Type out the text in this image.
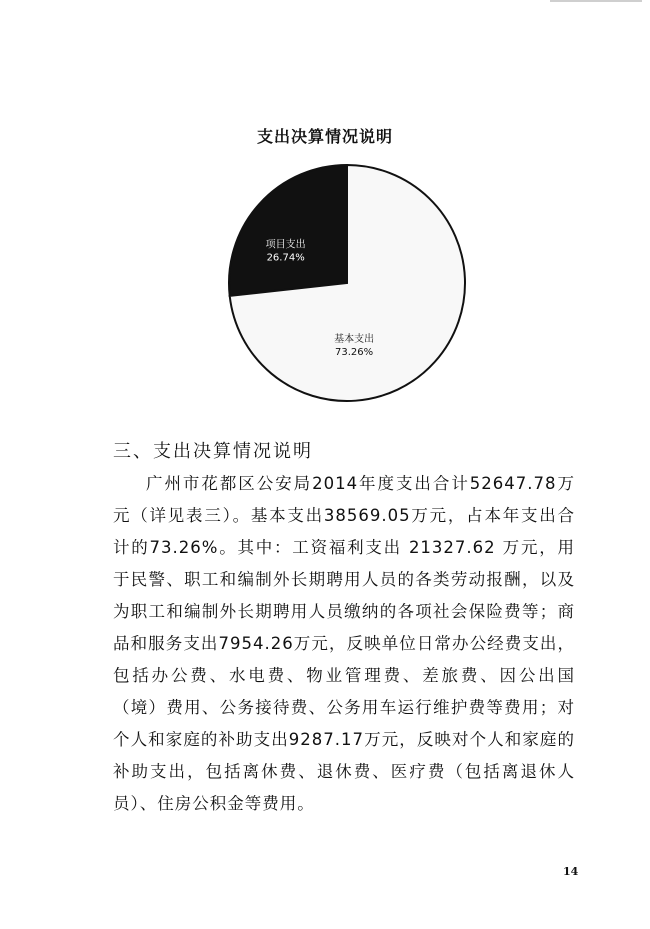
支出决算情况说明
项目支出
26.74%
基本支出
73.26%
三、支出决算情况说明
广州市花都区公安局2014年度支出合计52647.78万元（详见表三）。基本支出38569.05万元，占本年支出合计的73.26%。其中：工资福利支出 21327.62 万元，用于民警、职工和编制外长期聘用人员的各类劳动报酬，以及为职工和编制外长期聘用人员缴纳的各项社会保险费等；商品和服务支出7954.26万元，反映单位日常办公经费支出，包括办公费、水电费、物业管理费、差旅费、因公出国（境）费用、公务接待费、公务用车运行维护费等费用；对个人和家庭的补助支出9287.17万元，反映对个人和家庭的补助支出，包括离休费、退休费、医疗费（包括离退休人员）、住房公积金等费用。
14
